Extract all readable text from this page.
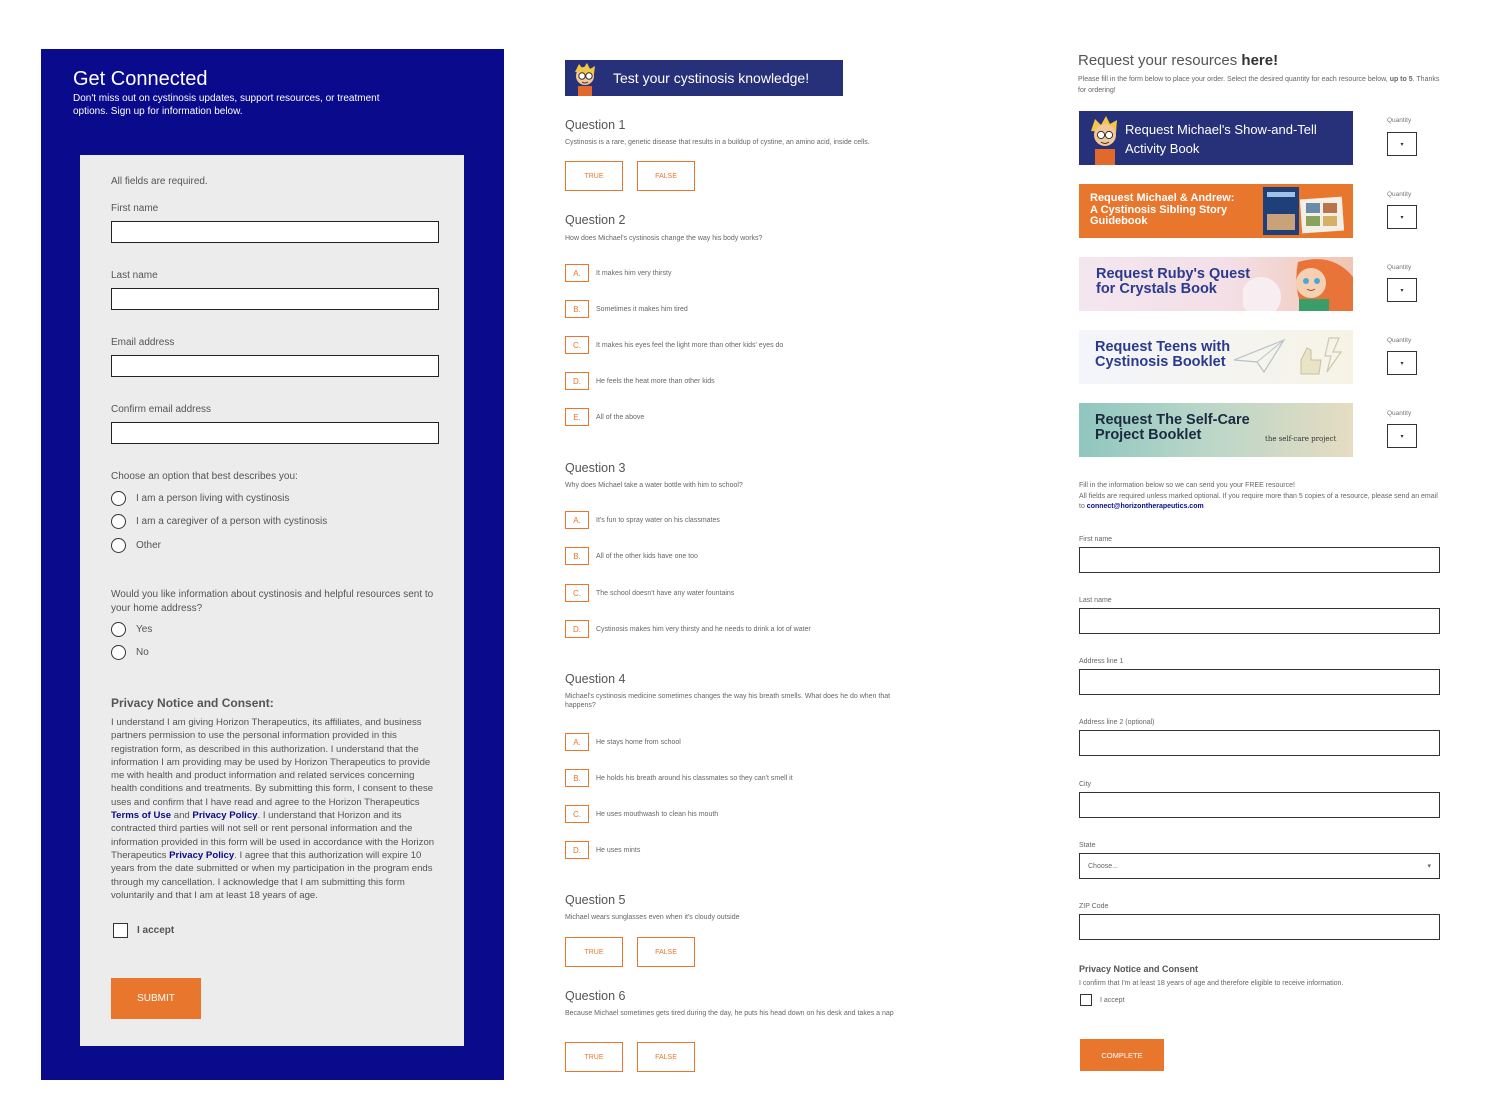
Get Connected
Don't miss out on cystinosis updates, support resources, or treatment options. Sign up for information below.
All fields are required.
First name
Last name
Email address
Confirm email address
Choose an option that best describes you:
I am a person living with cystinosis
I am a caregiver of a person with cystinosis
Other
Would you like information about cystinosis and helpful resources sent to your home address?
Yes
No
Privacy Notice and Consent:
I understand I am giving Horizon Therapeutics, its affiliates, and business partners permission to use the personal information provided in this registration form, as described in this authorization. I understand that the information I am providing may be used by Horizon Therapeutics to provide me with health and product information and related services concerning health conditions and treatments. By submitting this form, I consent to these uses and confirm that I have read and agree to the Horizon Therapeutics Terms of Use and Privacy Policy. I understand that Horizon and its contracted third parties will not sell or rent personal information and the information provided in this form will be used in accordance with the Horizon Therapeutics Privacy Policy. I agree that this authorization will expire 10 years from the date submitted or when my participation in the program ends through my cancellation. I acknowledge that I am submitting this form voluntarily and that I am at least 18 years of age.
I accept
SUBMIT
Test your cystinosis knowledge!
Question 1
Cystinosis is a rare, genetic disease that results in a buildup of cystine, an amino acid, inside cells.
TRUE	FALSE
Question 2
How does Michael's cystinosis change the way his body works?
A.	It makes him very thirsty
B.	Sometimes it makes him tired
C.	It makes his eyes feel the light more than other kids' eyes do
D.	He feels the heat more than other kids
E.	All of the above
Question 3
Why does Michael take a water bottle with him to school?
A.	It's fun to spray water on his classmates
B.	All of the other kids have one too
C.	The school doesn't have any water fountains
D.	Cystinosis makes him very thirsty and he needs to drink a lot of water
Question 4
Michael's cystinosis medicine sometimes changes the way his breath smells. What does he do when that happens?
A.	He stays home from school
B.	He holds his breath around his classmates so they can't smell it
C.	He uses mouthwash to clean his mouth
D.	He uses mints
Question 5
Michael wears sunglasses even when it's cloudy outside
TRUE	FALSE
Question 6
Because Michael sometimes gets tired during the day, he puts his head down on his desk and takes a nap
TRUE	FALSE
Request your resources here!
Please fill in the form below to place your order. Select the desired quantity for each resource below, up to 5. Thanks for ordering!
Request Michael's Show-and-Tell
Activity Book
Request Michael & Andrew:
A Cystinosis Sibling Story
Guidebook
Request Ruby's Quest
for Crystals Book
Request Teens with
Cystinosis Booklet
Request The Self-Care
Project Booklet	the self-care project
Quantity
▾
Quantity
▾
Quantity
▾
Quantity
▾
Quantity
▾
Fill in the information below so we can send you your FREE resource!
All fields are required unless marked optional. If you require more than 5 copies of a resource, please send an email to connect@horizontherapeutics.com
First name
Last name
Address line 1
Address line 2 (optional)
City
State
Choose...	▾
ZIP Code
Privacy Notice and Consent
I confirm that I'm at least 18 years of age and therefore eligible to receive information.
I accept
COMPLETE
